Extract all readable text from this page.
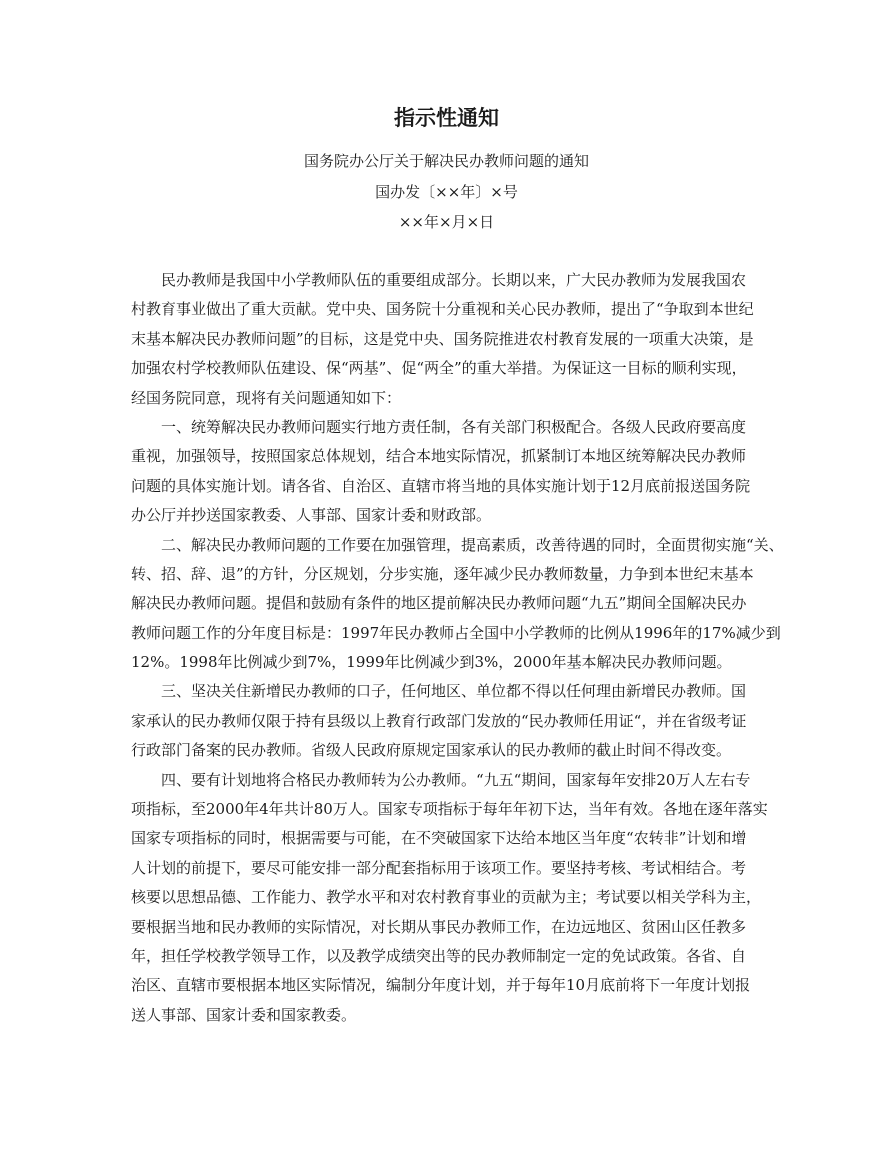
指示性通知
国务院办公厅关于解决民办教师问题的通知
国办发〔××年〕×号
××年×月×日
　　民办教师是我国中小学教师队伍的重要组成部分。长期以来，广大民办教师为发展我国农
村教育事业做出了重大贡献。党中央、国务院十分重视和关心民办教师，提出了“争取到本世纪
末基本解决民办教师问题”的目标，这是党中央、国务院推进农村教育发展的一项重大决策，是
加强农村学校教师队伍建设、保“两基”、促“两全”的重大举措。为保证这一目标的顺利实现，
经国务院同意，现将有关问题通知如下：
　　一、统筹解决民办教师问题实行地方责任制，各有关部门积极配合。各级人民政府要高度
重视，加强领导，按照国家总体规划，结合本地实际情况，抓紧制订本地区统筹解决民办教师
问题的具体实施计划。请各省、自治区、直辖市将当地的具体实施计划于12月底前报送国务院
办公厅并抄送国家教委、人事部、国家计委和财政部。
　　二、解决民办教师问题的工作要在加强管理，提高素质，改善待遇的同时，全面贯彻实施“关、
转、招、辞、退”的方针，分区规划，分步实施，逐年减少民办教师数量，力争到本世纪末基本
解决民办教师问题。提倡和鼓励有条件的地区提前解决民办教师问题“九五”期间全国解决民办
教师问题工作的分年度目标是：1997年民办教师占全国中小学教师的比例从1996年的17%减少到
12%。1998年比例减少到7%，1999年比例减少到3%，2000年基本解决民办教师问题。
　　三、坚决关住新增民办教师的口子，任何地区、单位都不得以任何理由新增民办教师。国
家承认的民办教师仅限于持有县级以上教育行政部门发放的“民办教师任用证“，并在省级考证
行政部门备案的民办教师。省级人民政府原规定国家承认的民办教师的截止时间不得改变。
　　四、要有计划地将合格民办教师转为公办教师。“九五“期间，国家每年安排20万人左右专
项指标，至2000年4年共计80万人。国家专项指标于每年年初下达，当年有效。各地在逐年落实
国家专项指标的同时，根据需要与可能，在不突破国家下达给本地区当年度“农转非”计划和增
人计划的前提下，要尽可能安排一部分配套指标用于该项工作。要坚持考核、考试相结合。考
核要以思想品德、工作能力、教学水平和对农村教育事业的贡献为主；考试要以相关学科为主，
要根据当地和民办教师的实际情况，对长期从事民办教师工作，在边远地区、贫困山区任教多
年，担任学校教学领导工作，以及教学成绩突出等的民办教师制定一定的免试政策。各省、自
治区、直辖市要根据本地区实际情况，编制分年度计划，并于每年10月底前将下一年度计划报
送人事部、国家计委和国家教委。
